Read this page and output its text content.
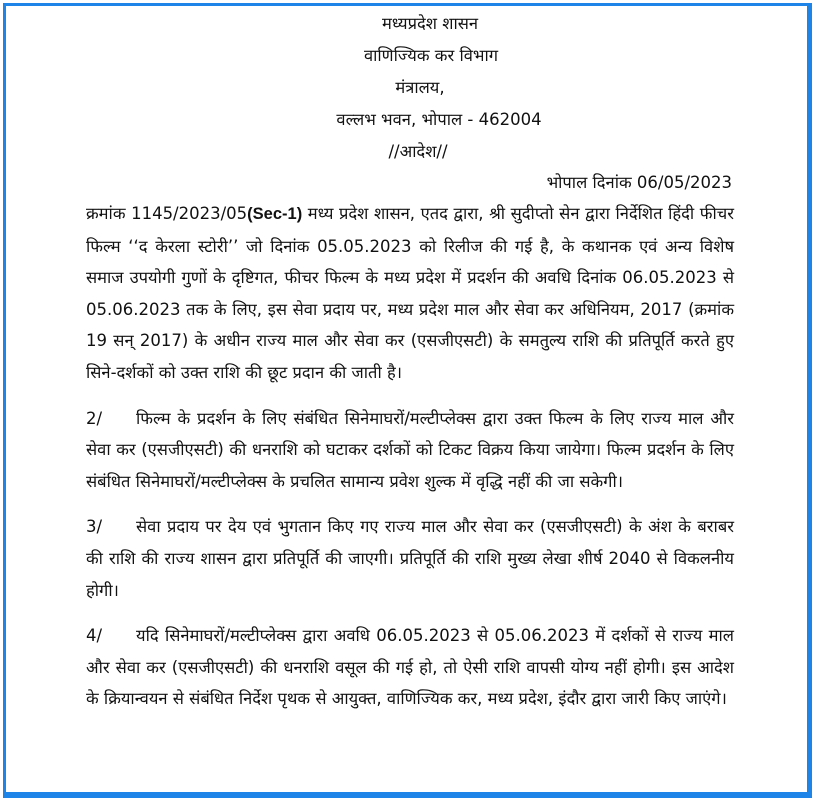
मध्यप्रदेश शासन
वाणिज्यिक कर विभाग
मंत्रालय,
वल्लभ भवन, भोपाल - 462004
//आदेश//
भोपाल दिनांक 06/05/2023

क्रमांक 1145/2023/05(Sec-1) मध्य प्रदेश शासन, एतद द्वारा, श्री सुदीप्तो सेन द्वारा निर्देशित हिंदी फीचर फिल्म ‘‘द केरला स्टोरी’’ जो दिनांक 05.05.2023 को रिलीज की गई है, के कथानक एवं अन्य विशेष समाज उपयोगी गुणों के दृष्टिगत, फीचर फिल्म के मध्य प्रदेश में प्रदर्शन की अवधि दिनांक 06.05.2023 से 05.06.2023 तक के लिए, इस सेवा प्रदाय पर, मध्य प्रदेश माल और सेवा कर अधिनियम, 2017 (क्रमांक 19 सन् 2017) के अधीन राज्य माल और सेवा कर (एसजीएसटी) के समतुल्य राशि की प्रतिपूर्ति करते हुए सिने-दर्शकों को उक्त राशि की छूट प्रदान की जाती है।

2/ फिल्म के प्रदर्शन के लिए संबंधित सिनेमाघरों/मल्टीप्लेक्स द्वारा उक्त फिल्म के लिए राज्य माल और सेवा कर (एसजीएसटी) की धनराशि को घटाकर दर्शकों को टिकट विक्रय किया जायेगा। फिल्म प्रदर्शन के लिए संबंधित सिनेमाघरों/मल्टीप्लेक्स के प्रचलित सामान्य प्रवेश शुल्क में वृद्धि नहीं की जा सकेगी।

3/ सेवा प्रदाय पर देय एवं भुगतान किए गए राज्य माल और सेवा कर (एसजीएसटी) के अंश के बराबर की राशि की राज्य शासन द्वारा प्रतिपूर्ति की जाएगी। प्रतिपूर्ति की राशि मुख्य लेखा शीर्ष 2040 से विकलनीय होगी।

4/ यदि सिनेमाघरों/मल्टीप्लेक्स द्वारा अवधि 06.05.2023 से 05.06.2023 में दर्शकों से राज्य माल और सेवा कर (एसजीएसटी) की धनराशि वसूल की गई हो, तो ऐसी राशि वापसी योग्य नहीं होगी। इस आदेश के क्रियान्वयन से संबंधित निर्देश पृथक से आयुक्त, वाणिज्यिक कर, मध्य प्रदेश, इंदौर द्वारा जारी किए जाएंगे।
